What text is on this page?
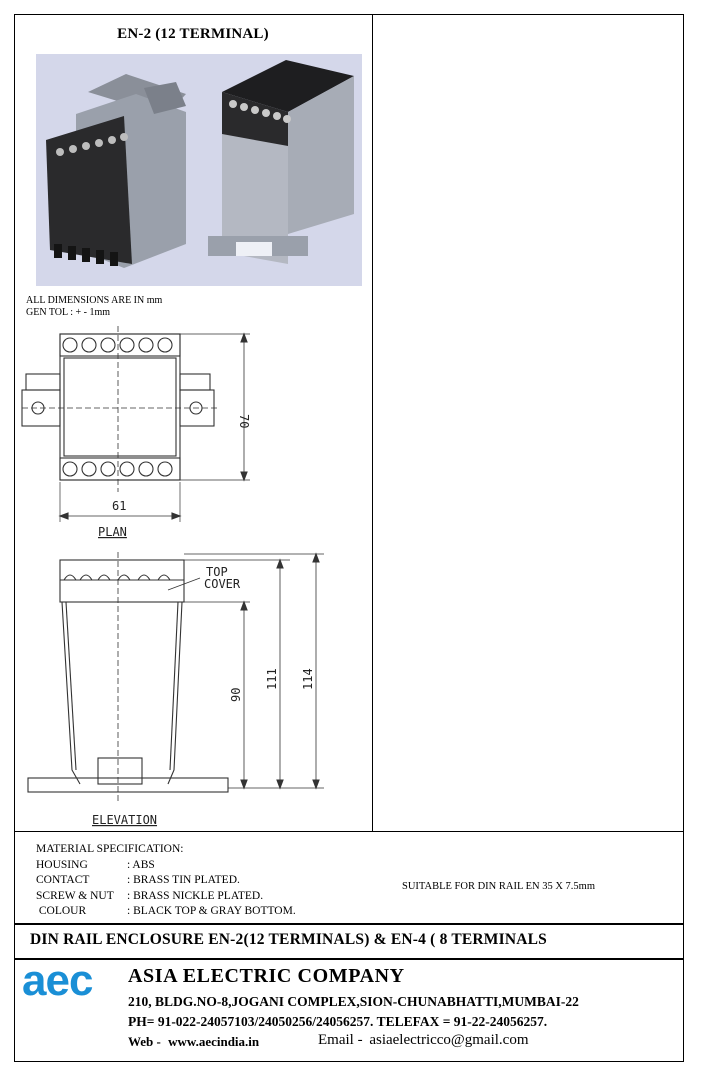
EN-2 (12 TERMINAL)
ALL DIMENSIONS ARE IN mm
GEN TOL : + - 1mm
70
61
PLAN
TOP
COVER
90
111 114
ELEVATION
MATERIAL SPECIFICATION:
HOUSING	: ABS
CONTACT	: BRASS TIN PLATED.
SCREW & NUT : BRASS NICKLE PLATED.
COLOUR	: BLACK TOP & GRAY BOTTOM.
SUITABLE FOR DIN RAIL EN 35 X 7.5mm
DIN RAIL ENCLOSURE EN-2(12 TERMINALS) & EN-4 ( 8 TERMINALS
aec ASIA ELECTRIC COMPANY
210, BLDG.NO-8,JOGANI COMPLEX,SION-CHUNABHATTI,MUMBAI-22
PH= 91-022-24057103/24050256/24056257. TELEFAX = 91-22-24056257.
Web - www.aecindia.in	Email - asiaelectricco@gmail.com
